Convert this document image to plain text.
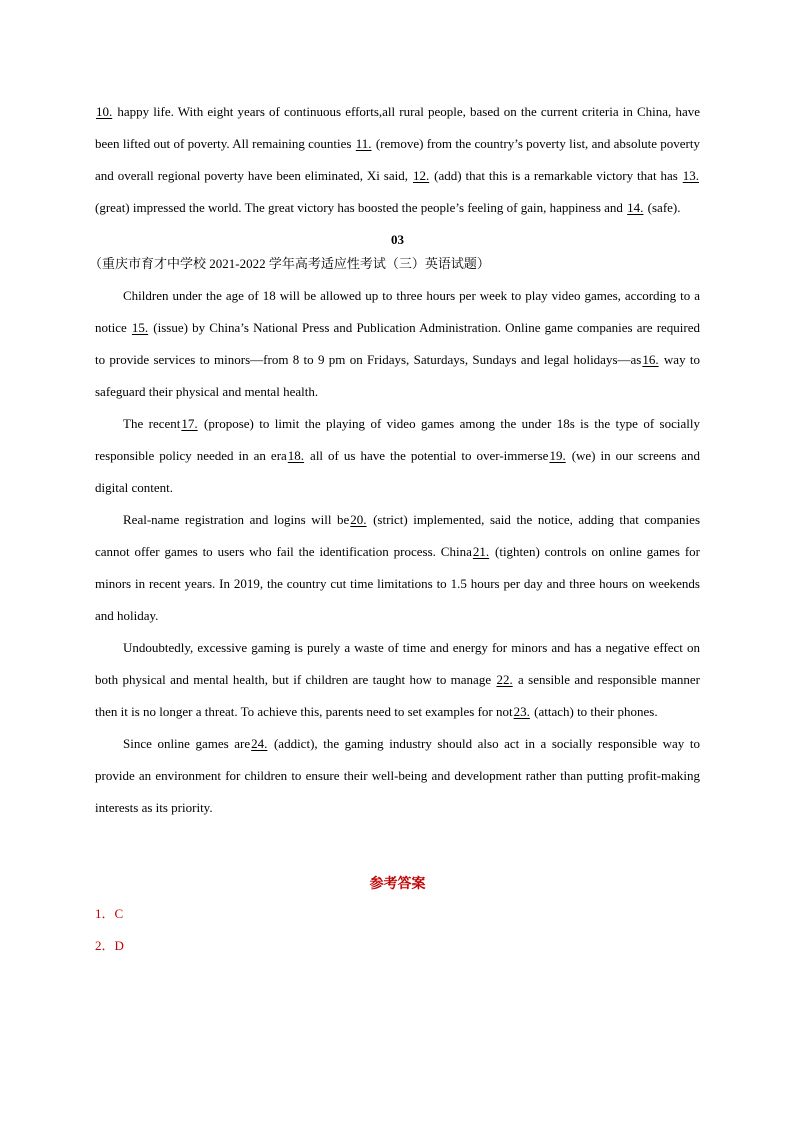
10. happy life. With eight years of continuous efforts,all rural people, based on the current criteria in China, have been lifted out of poverty. All remaining counties 11. (remove) from the country’s poverty list, and absolute poverty and overall regional poverty have been eliminated, Xi said, 12. (add) that this is a remarkable victory that has 13. (great) impressed the world. The great victory has boosted the people’s feeling of gain, happiness and 14. (safe).

03

（重庆市育才中学校 2021-2022 学年高考适应性考试（三）英语试题）

Children under the age of 18 will be allowed up to three hours per week to play video games, according to a notice 15. (issue) by China’s National Press and Publication Administration. Online game companies are required to provide services to minors—from 8 to 9 pm on Fridays, Saturdays, Sundays and legal holidays—as16. way to safeguard their physical and mental health.

The recent17. (propose) to limit the playing of video games among the under 18s is the type of socially responsible policy needed in an era18. all of us have the potential to over-immerse19. (we) in our screens and digital content.

Real-name registration and logins will be20. (strict) implemented, said the notice, adding that companies cannot offer games to users who fail the identification process. China21. (tighten) controls on online games for minors in recent years. In 2019, the country cut time limitations to 1.5 hours per day and three hours on weekends and holiday.

Undoubtedly, excessive gaming is purely a waste of time and energy for minors and has a negative effect on both physical and mental health, but if children are taught how to manage 22. a sensible and responsible manner then it is no longer a threat. To achieve this, parents need to set examples for not23. (attach) to their phones.

Since online games are24. (addict), the gaming industry should also act in a socially responsible way to provide an environment for children to ensure their well-being and development rather than putting profit-making interests as its priority.

参考答案

1．C

2．D
